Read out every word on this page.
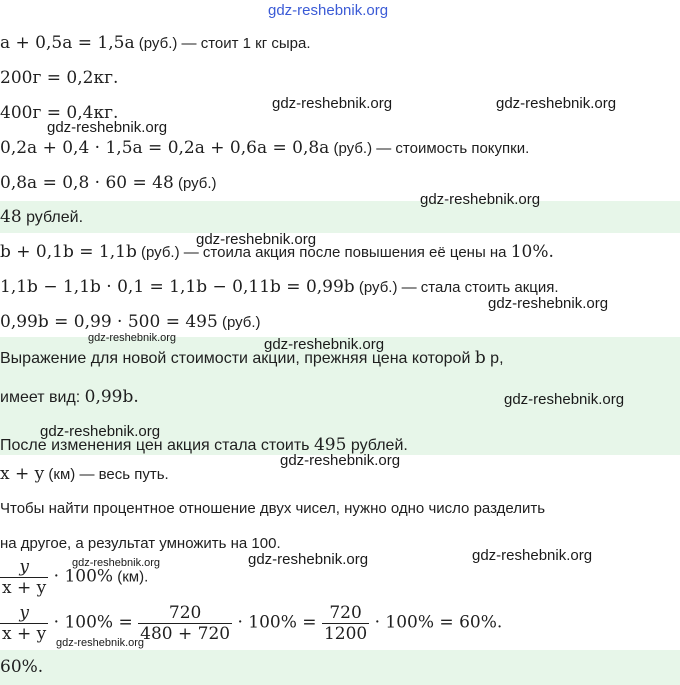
a + 0,5a = 1,5a (руб.) — стоит 1 кг сыра.
200г = 0,2кг.
400г = 0,4кг.
0,2a + 0,4 · 1,5a = 0,2a + 0,6a = 0,8a (руб.) — стоимость покупки.
0,8a = 0,8 · 60 = 48 (руб.)
48 рублей.
b + 0,1b = 1,1b (руб.) — стоила акция после повышения её цены на 10%.
1,1b − 1,1b · 0,1 = 1,1b − 0,11b = 0,99b (руб.) — стала стоить акция.
0,99b = 0,99 · 500 = 495 (руб.)
Выражение для новой стоимости акции, прежняя цена которой b р,
имеет вид: 0,99b.
После изменения цен акция стала стоить 495 рублей.
x + y (км) — весь путь.
Чтобы найти процентное отношение двух чисел, нужно одно число разделить
на другое, а результат умножить на 100.
$\frac{y}{x + y} \cdot 100\%$ (км).
$\frac{y}{x + y} \cdot 100\% = \frac{720}{480 + 720} \cdot 100\% = \frac{720}{1200} \cdot 100\% = 60\%$.
60%.
gdz-reshebnik.org
gdz-reshebnik.org	gdz-reshebnik.org
gdz-reshebnik.org
gdz-reshebnik.org
gdz-reshebnik.org
gdz-reshebnik.org
gdz-reshebnik.org	gdz-reshebnik.org
gdz-reshebnik.org
gdz-reshebnik.org
gdz-reshebnik.org
gdz-reshebnik.org
gdz-reshebnik.org
gdz-reshebnik.org
gdz-reshebnik.org
